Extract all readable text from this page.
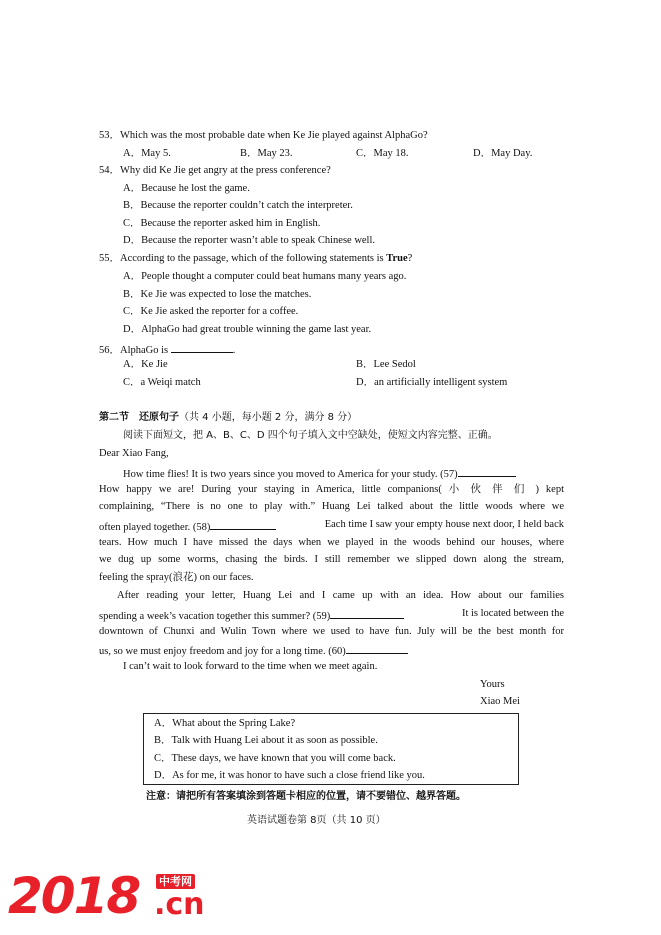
53．Which was the most probable date when Ke Jie played against AlphaGo?
A．May 5.	B．May 23.	C．May 18.	D．May Day.
54．Why did Ke Jie get angry at the press conference?
A．Because he lost the game.
B．Because the reporter couldn’t catch the interpreter.
C．Because the reporter asked him in English.
D．Because the reporter wasn’t able to speak Chinese well.
55．According to the passage, which of the following statements is True?
A．People thought a computer could beat humans many years ago.
B．Ke Jie was expected to lose the matches.
C．Ke Jie asked the reporter for a coffee.
D．AlphaGo had great trouble winning the game last year.
56．AlphaGo is	.
A．Ke Jie	B．Lee Sedol
C．a Weiqi match	D．an artificially intelligent system
第二节　还原句子（共 4 小题，每小题 2 分，满分 8 分）
阅读下面短文，把 A、B、C、D 四个句子填入文中空缺处，使短文内容完整、正确。
Dear Xiao Fang,
How time flies! It is two years since you moved to America for your study. (57)
How happy we are! During your staying in America, little companions( 小 伙 伴 们 ) kept
complaining, “There is no one to play with.” Huang Lei talked about the little woods where we
often played together. (58)	Each time I saw your empty house next door, I held back
tears. How much I have missed the days when we played in the woods behind our houses, where
we dug up some worms, chasing the birds. I still remember we slipped down along the stream,
feeling the spray(浪花) on our faces.
After reading your letter, Huang Lei and I came up with an idea. How about our families
spending a week’s vacation together this summer? (59)	It is located between the
downtown of Chunxi and Wulin Town where we used to have fun. July will be the best month for
us, so we must enjoy freedom and joy for a long time. (60)
I can’t wait to look forward to the time when we meet again.
Yours
Xiao Mei
A．What about the Spring Lake?
B．Talk with Huang Lei about it as soon as possible.
C．These days, we have known that you will come back.
D．As for me, it was honor to have such a close friend like you.
注意：请把所有答案填涂到答题卡相应的位置，请不要错位、越界答题。
英语试题卷第 8页（共 10 页）
2018 中考网
.cn
